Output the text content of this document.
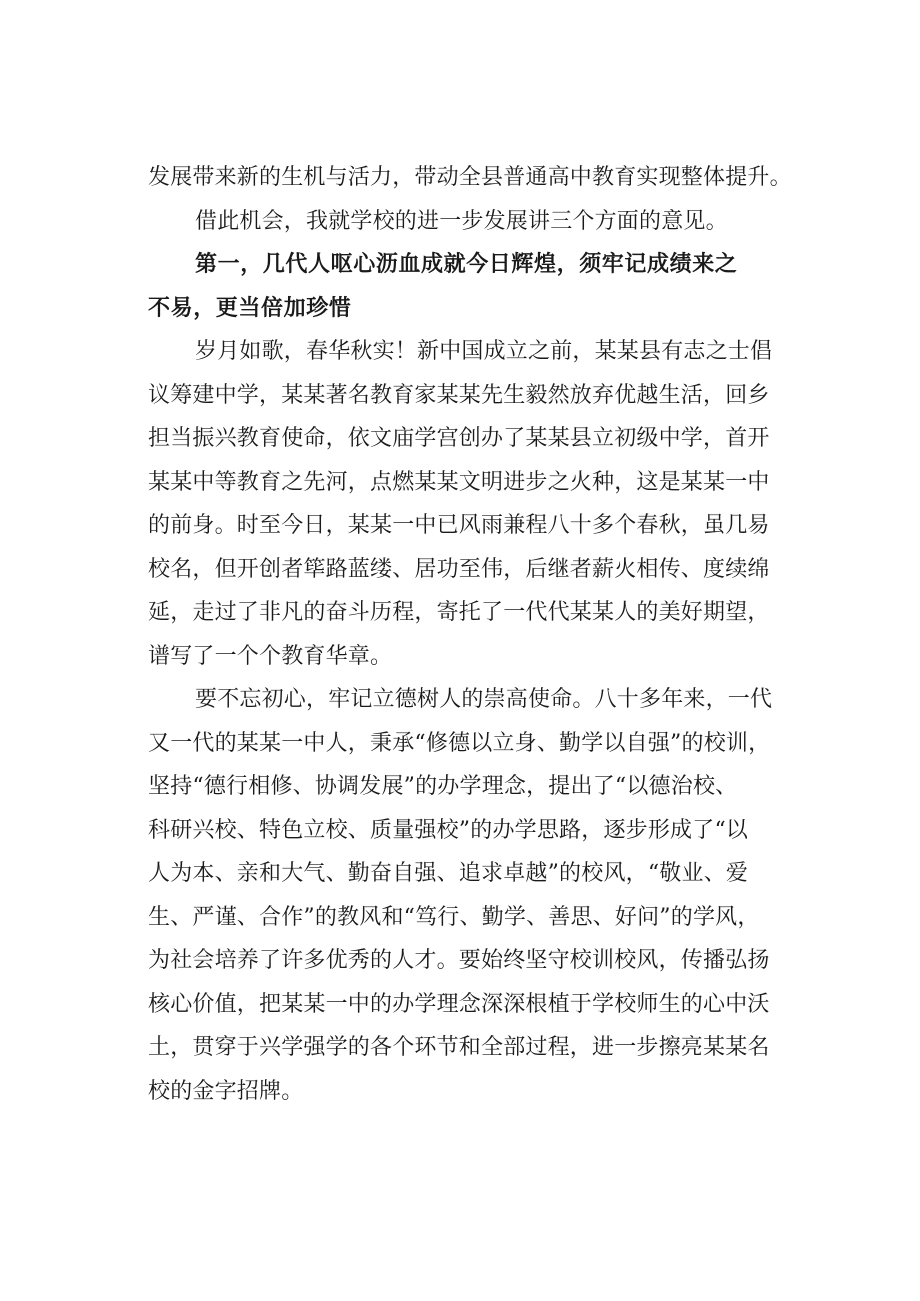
发展带来新的生机与活力，带动全县普通高中教育实现整体提升。
借此机会，我就学校的进一步发展讲三个方面的意见。
第一，几代人呕心沥血成就今日辉煌，须牢记成绩来之
不易，更当倍加珍惜
岁月如歌，春华秋实！新中国成立之前，某某县有志之士倡
议筹建中学，某某著名教育家某某先生毅然放弃优越生活，回乡
担当振兴教育使命，依文庙学宫创办了某某县立初级中学，首开
某某中等教育之先河，点燃某某文明进步之火种，这是某某一中
的前身。时至今日，某某一中已风雨兼程八十多个春秋，虽几易
校名，但开创者筚路蓝缕、居功至伟，后继者薪火相传、度续绵
延，走过了非凡的奋斗历程，寄托了一代代某某人的美好期望，
谱写了一个个教育华章。
要不忘初心，牢记立德树人的崇高使命。八十多年来，一代
又一代的某某一中人，秉承“修德以立身、勤学以自强”的校训，
坚持“德行相修、协调发展”的办学理念，提出了“以德治校、
科研兴校、特色立校、质量强校”的办学思路，逐步形成了“以
人为本、亲和大气、勤奋自强、追求卓越”的校风，“敬业、爱
生、严谨、合作”的教风和“笃行、勤学、善思、好问”的学风，
为社会培养了许多优秀的人才。要始终坚守校训校风，传播弘扬
核心价值，把某某一中的办学理念深深根植于学校师生的心中沃
土，贯穿于兴学强学的各个环节和全部过程，进一步擦亮某某名
校的金字招牌。
